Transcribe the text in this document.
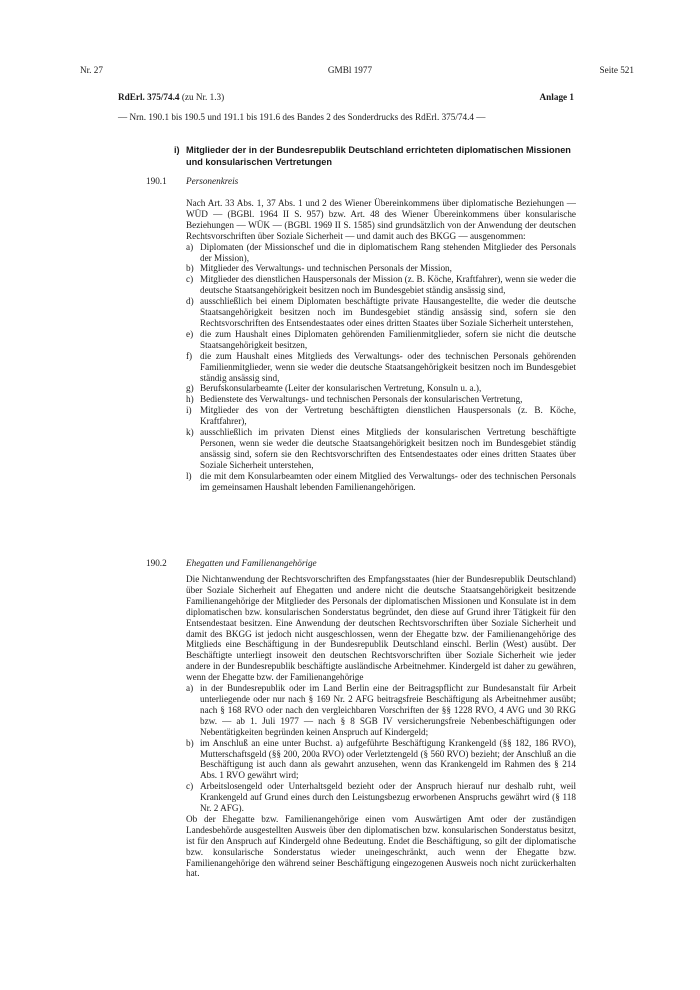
Nr. 27	GMBl 1977	Seite 521
RdErl. 375/74.4 (zu Nr. 1.3)	Anlage 1
— Nrn. 190.1 bis 190.5 und 191.1 bis 191.6 des Bandes 2 des Sonderdrucks des RdErl. 375/74.4 —
i) Mitglieder der in der Bundesrepublik Deutschland errichteten diplomatischen Missionen und konsularischen Vertretungen
190.1 Personenkreis

Nach Art. 33 Abs. 1, 37 Abs. 1 und 2 des Wiener Übereinkommens über diplomatische Beziehungen — WÜD — (BGBl. 1964 II S. 957) bzw. Art. 48 des Wiener Übereinkommens über konsularische Beziehungen — WÜK — (BGBl. 1969 II S. 1585) sind grundsätzlich von der Anwendung der deutschen Rechtsvorschriften über Soziale Sicherheit — und damit auch des BKGG — ausgenommen:

a) Diplomaten (der Missionschef und die in diplomatischem Rang stehenden Mitglieder des Personals der Mission),
b) Mitglieder des Verwaltungs- und technischen Personals der Mission,
c) Mitglieder des dienstlichen Hauspersonals der Mission (z. B. Köche, Kraftfahrer), wenn sie weder die deutsche Staatsangehörigkeit besitzen noch im Bundesgebiet ständig ansässig sind,
d) ausschließlich bei einem Diplomaten beschäftigte private Hausangestellte, die weder die deutsche Staatsangehörigkeit besitzen noch im Bundesgebiet ständig ansässig sind, sofern sie den Rechtsvorschriften des Entsendestaates oder eines dritten Staates über Soziale Sicherheit unterstehen,
e) die zum Haushalt eines Diplomaten gehörenden Familienmitglieder, sofern sie nicht die deutsche Staatsangehörigkeit besitzen,
f) die zum Haushalt eines Mitglieds des Verwaltungs- oder des technischen Personals gehörenden Familienmitglieder, wenn sie weder die deutsche Staatsangehörigkeit besitzen noch im Bundesgebiet ständig ansässig sind,
g) Berufskonsularbeamte (Leiter der konsularischen Vertretung, Konsuln u. a.),
h) Bedienstete des Verwaltungs- und technischen Personals der konsularischen Vertretung,
i) Mitglieder des von der Vertretung beschäftigten dienstlichen Hauspersonals (z. B. Köche, Kraftfahrer),
k) ausschließlich im privaten Dienst eines Mitglieds der konsularischen Vertretung beschäftigte Personen, wenn sie weder die deutsche Staatsangehörigkeit besitzen noch im Bundesgebiet ständig ansässig sind, sofern sie den Rechtsvorschriften des Entsendestaates oder eines dritten Staates über Soziale Sicherheit unterstehen,
l) die mit dem Konsularbeamten oder einem Mitglied des Verwaltungs- oder des technischen Personals im gemeinsamen Haushalt lebenden Familienangehörigen.
190.2 Ehegatten und Familienangehörige

Die Nichtanwendung der Rechtsvorschriften des Empfangsstaates (hier der Bundesrepublik Deutschland) über Soziale Sicherheit auf Ehegatten und andere nicht die deutsche Staatsangehörigkeit besitzende Familienangehörige der Mitglieder des Personals der diplomatischen Missionen und Konsulate ist in dem diplomatischen bzw. konsularischen Sonderstatus begründet, den diese auf Grund ihrer Tätigkeit für den Entsendestaat besitzen. Eine Anwendung der deutschen Rechtsvorschriften über Soziale Sicherheit und damit des BKGG ist jedoch nicht ausgeschlossen, wenn der Ehegatte bzw. der Familienangehörige des Mitglieds eine Beschäftigung in der Bundesrepublik Deutschland einschl. Berlin (West) ausübt. Der Beschäftigte unterliegt insoweit den deutschen Rechtsvorschriften über Soziale Sicherheit wie jeder andere in der Bundesrepublik beschäftigte ausländische Arbeitnehmer. Kindergeld ist daher zu gewähren, wenn der Ehegatte bzw. der Familienangehörige

a) in der Bundesrepublik oder im Land Berlin eine der Beitragspflicht zur Bundesanstalt für Arbeit unterliegende oder nur nach § 169 Nr. 2 AFG beitragsfreie Beschäftigung als Arbeitnehmer ausübt; nach § 168 RVO oder nach den vergleichbaren Vorschriften der §§ 1228 RVO, 4 AVG und 30 RKG bzw. — ab 1. Juli 1977 — nach § 8 SGB IV versicherungsfreie Nebenbeschäftigungen oder Nebentätigkeiten begründen keinen Anspruch auf Kindergeld;
b) im Anschluß an eine unter Buchst. a) aufgeführte Beschäftigung Krankengeld (§§ 182, 186 RVO), Mutterschaftsgeld (§§ 200, 200a RVO) oder Verletztengeld (§ 560 RVO) bezieht; der Anschluß an die Beschäftigung ist auch dann als gewahrt anzusehen, wenn das Krankengeld im Rahmen des § 214 Abs. 1 RVO gewährt wird;
c) Arbeitslosengeld oder Unterhaltsgeld bezieht oder der Anspruch hierauf nur deshalb ruht, weil Krankengeld auf Grund eines durch den Leistungsbezug erworbenen Anspruchs gewährt wird (§ 118 Nr. 2 AFG).

Ob der Ehegatte bzw. Familienangehörige einen vom Auswärtigen Amt oder der zuständigen Landesbehörde ausgestellten Ausweis über den diplomatischen bzw. konsularischen Sonderstatus besitzt, ist für den Anspruch auf Kindergeld ohne Bedeutung. Endet die Beschäftigung, so gilt der diplomatische bzw. konsularische Sonderstatus wieder uneingeschränkt, auch wenn der Ehegatte bzw. Familienangehörige den während seiner Beschäftigung eingezogenen Ausweis noch nicht zurückerhalten hat.
